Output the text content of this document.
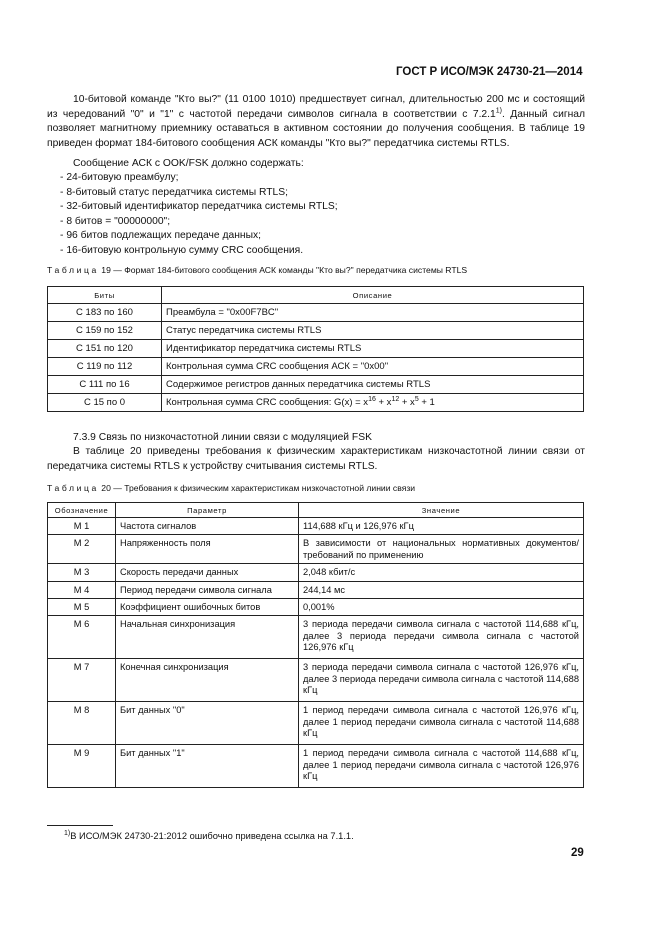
ГОСТ Р ИСО/МЭК 24730-21—2014
10-битовой команде "Кто вы?" (11 0100 1010) предшествует сигнал, длительностью 200 мс и состоящий из чередований "0" и "1" с частотой передачи символов сигнала в соответствии с 7.2.1$^{1)}$. Данный сигнал позволяет магнитному приемнику оставаться в активном состоянии до получения сообщения. В таблице 19 приведен формат 184-битового сообщения АСК команды "Кто вы?" передатчика системы RTLS.
Сообщение АСК с OOK/FSK должно содержать:
- 24-битовую преамбулу;
- 8-битовый статус передатчика системы RTLS;
- 32-битовый идентификатор передатчика системы RTLS;
- 8 битов = "00000000";
- 96 битов подлежащих передаче данных;
- 16-битовую контрольную сумму CRC сообщения.
Таблица 19 — Формат 184-битового сообщения АСК команды "Кто вы?" передатчика системы RTLS
Биты	Описание
С 183 по 160	Преамбула = "0x00F7BC"
С 159 по 152	Статус передатчика системы RTLS
С 151 по 120	Идентификатор передатчика системы RTLS
С 119 по 112	Контрольная сумма CRC сообщения АСК = "0x00"
С 111 по 16	Содержимое регистров данных передатчика системы RTLS
С 15 по 0	Контрольная сумма CRC сообщения: $G(x) = x^{16} + x^{12} + x^5 + 1$
7.3.9 Связь по низкочастотной линии связи с модуляцией FSK
В таблице 20 приведены требования к физическим характеристикам низкочастотной линии связи от передатчика системы RTLS к устройству считывания системы RTLS.
Таблица 20 — Требования к физическим характеристикам низкочастотной линии связи
Обозначение	Параметр	Значение
М 1	Частота сигналов	114,688 кГц и 126,976 кГц
М 2	Напряженность поля	В зависимости от национальных нормативных документов/ требований по применению
М 3	Скорость передачи данных	2,048 кбит/с
М 4	Период передачи символа сигнала	244,14 мс
М 5	Коэффициент ошибочных битов	0,001%
М 6	Начальная синхронизация	3 периода передачи символа сигнала с частотой 114,688 кГц, далее 3 периода передачи символа сигнала с частотой 126,976 кГц
М 7	Конечная синхронизация	3 периода передачи символа сигнала с частотой 126,976 кГц, далее 3 периода передачи символа сигнала с частотой 114,688 кГц
М 8	Бит данных "0"	1 период передачи символа сигнала с частотой 126,976 кГц, далее 1 период передачи символа сигнала с частотой 114,688 кГц
М 9	Бит данных "1"	1 период передачи символа сигнала с частотой 114,688 кГц, далее 1 период передачи символа сигнала с частотой 126,976 кГц
$^{1)}$В ИСО/МЭК 24730-21:2012 ошибочно приведена ссылка на 7.1.1.
29
